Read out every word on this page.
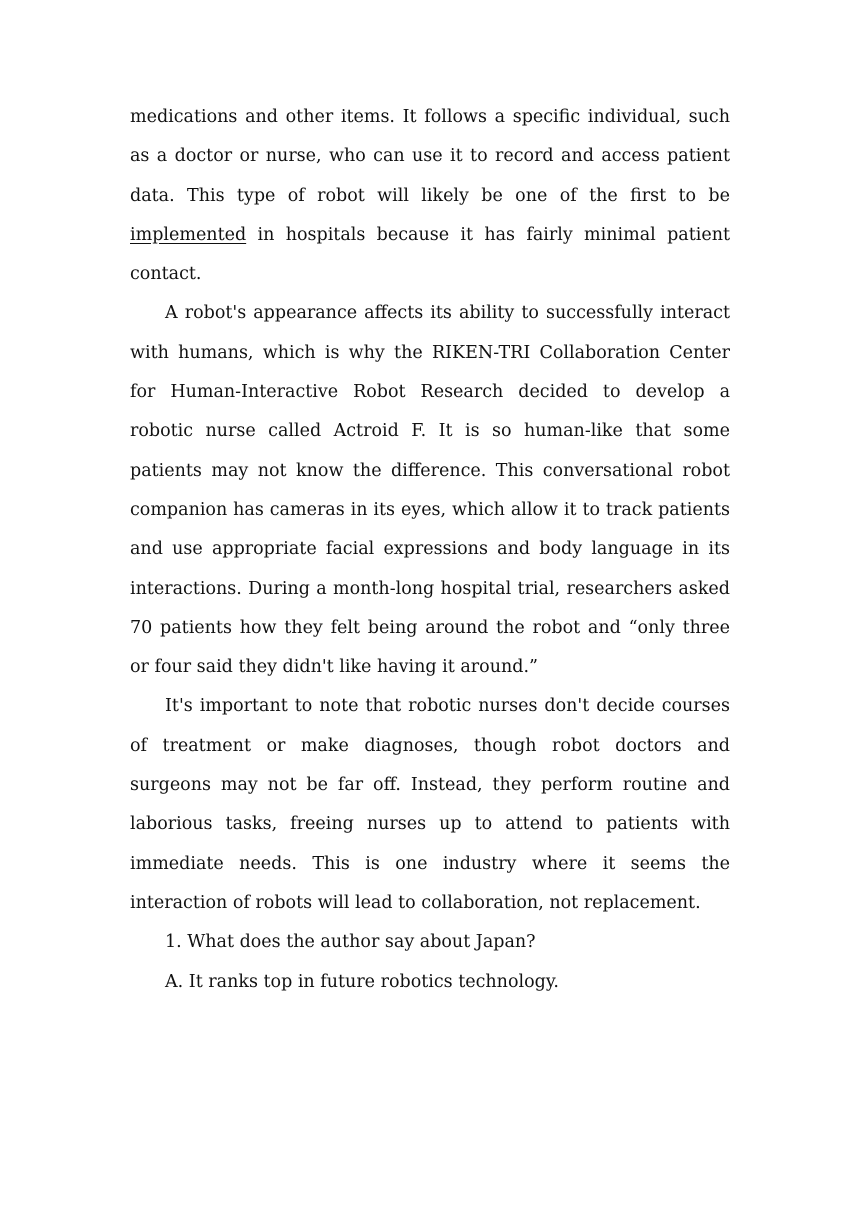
medications and other items. It follows a specific individual, such as a doctor or nurse, who can use it to record and access patient data. This type of robot will likely be one of the first to be implemented in hospitals because it has fairly minimal patient contact.

A robot's appearance affects its ability to successfully interact with humans, which is why the RIKEN-TRI Collaboration Center for Human-Interactive Robot Research decided to develop a robotic nurse called Actroid F. It is so human-like that some patients may not know the difference. This conversational robot companion has cameras in its eyes, which allow it to track patients and use appropriate facial expressions and body language in its interactions. During a month-long hospital trial, researchers asked 70 patients how they felt being around the robot and “only three or four said they didn't like having it around.”

It's important to note that robotic nurses don't decide courses of treatment or make diagnoses, though robot doctors and surgeons may not be far off. Instead, they perform routine and laborious tasks, freeing nurses up to attend to patients with immediate needs. This is one industry where it seems the interaction of robots will lead to collaboration, not replacement.

1. What does the author say about Japan?

A. It ranks top in future robotics technology.
